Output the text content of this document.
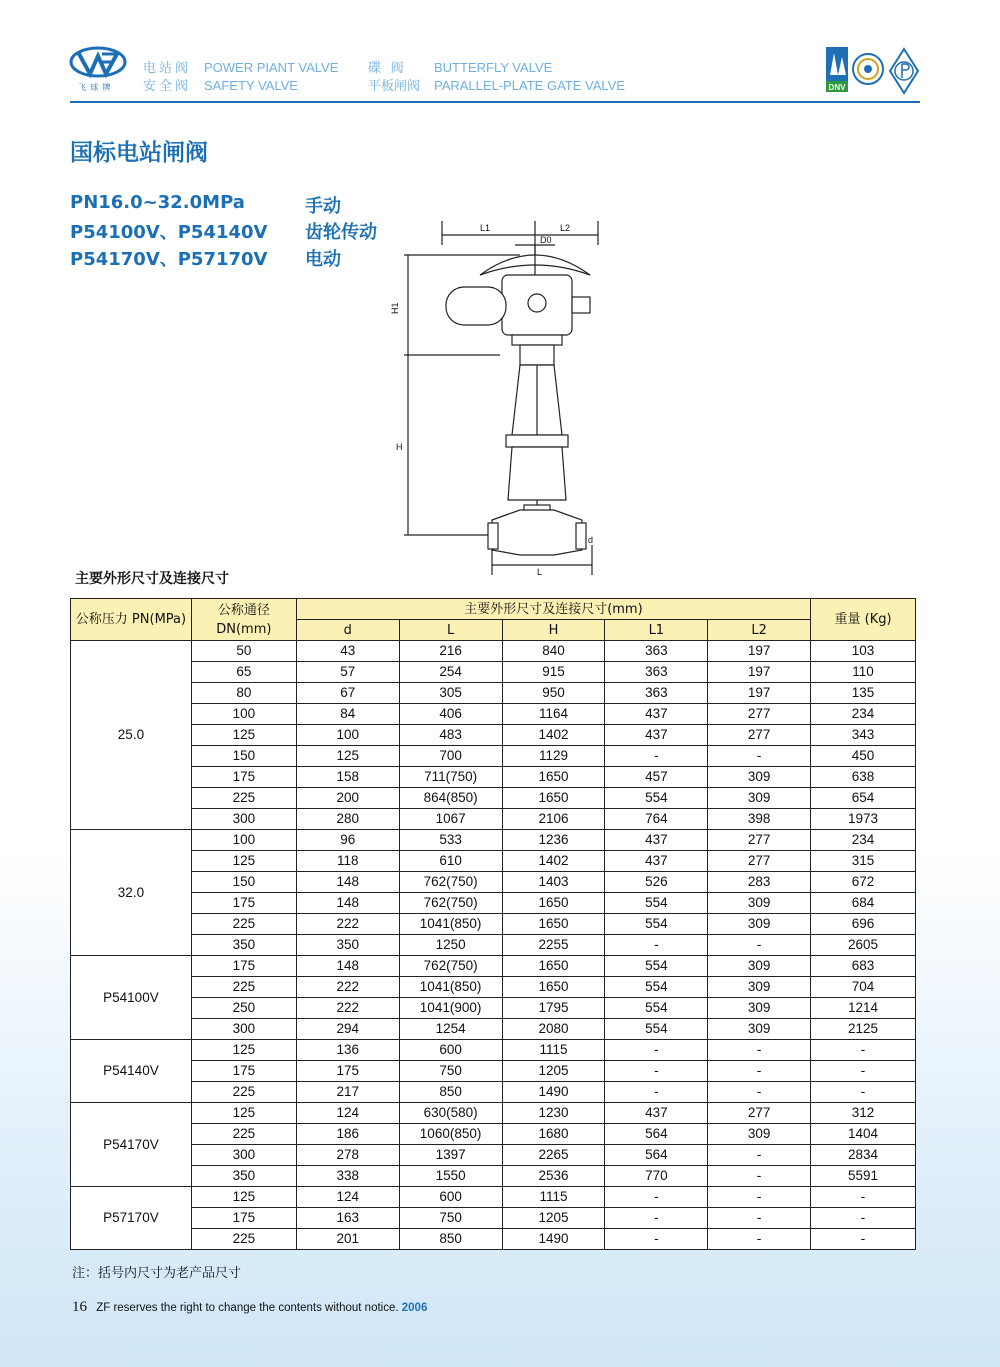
飞 球 牌
电站阀
安全阀
POWER PIANT VALVE
SAFETY VALVE
碟 阀
平板闸阀
BUTTERFLY VALVE
PARALLEL-PLATE GATE VALVE	DNV
国标电站闸阀
PN16.0~32.0MPa	手动
P54100V、P54140V 齿轮传动
P54170V、P57170V 电动
L1	L2
D0
H1
H
d
L
主要外形尺寸及连接尺寸
公称压力 PN(MPa)	公称通径 DN(mm)	主要外形尺寸及连接尺寸(mm)					重量 (Kg)
		d	L	H	L1	L2	
25.0	50	43	216	840	363	197	103
	65	57	254	915	363	197	110
	80	67	305	950	363	197	135
	100	84	406	1164	437	277	234
	125	100	483	1402	437	277	343
	150	125	700	1129	-	-	450
	175	158	711(750)	1650	457	309	638
	225	200	864(850)	1650	554	309	654
	300	280	1067	2106	764	398	1973
32.0	100	96	533	1236	437	277	234
	125	118	610	1402	437	277	315
	150	148	762(750)	1403	526	283	672
	175	148	762(750)	1650	554	309	684
	225	222	1041(850)	1650	554	309	696
	350	350	1250	2255	-	-	2605
P54100V	175	148	762(750)	1650	554	309	683
	225	222	1041(850)	1650	554	309	704
	250	222	1041(900)	1795	554	309	1214
	300	294	1254	2080	554	309	2125
P54140V	125	136	600	1115	-	-	-
	175	175	750	1205	-	-	-
	225	217	850	1490	-	-	-
P54170V	125	124	630(580)	1230	437	277	312
	225	186	1060(850)	1680	564	309	1404
	300	278	1397	2265	564	-	2834
	350	338	1550	2536	770	-	5591
P57170V	125	124	600	1115	-	-	-
	175	163	750	1205	-	-	-
	225	201	850	1490	-	-	-
注：括号内尺寸为老产品尺寸
16 ZF reserves the right to change the contents without notice. 2006
